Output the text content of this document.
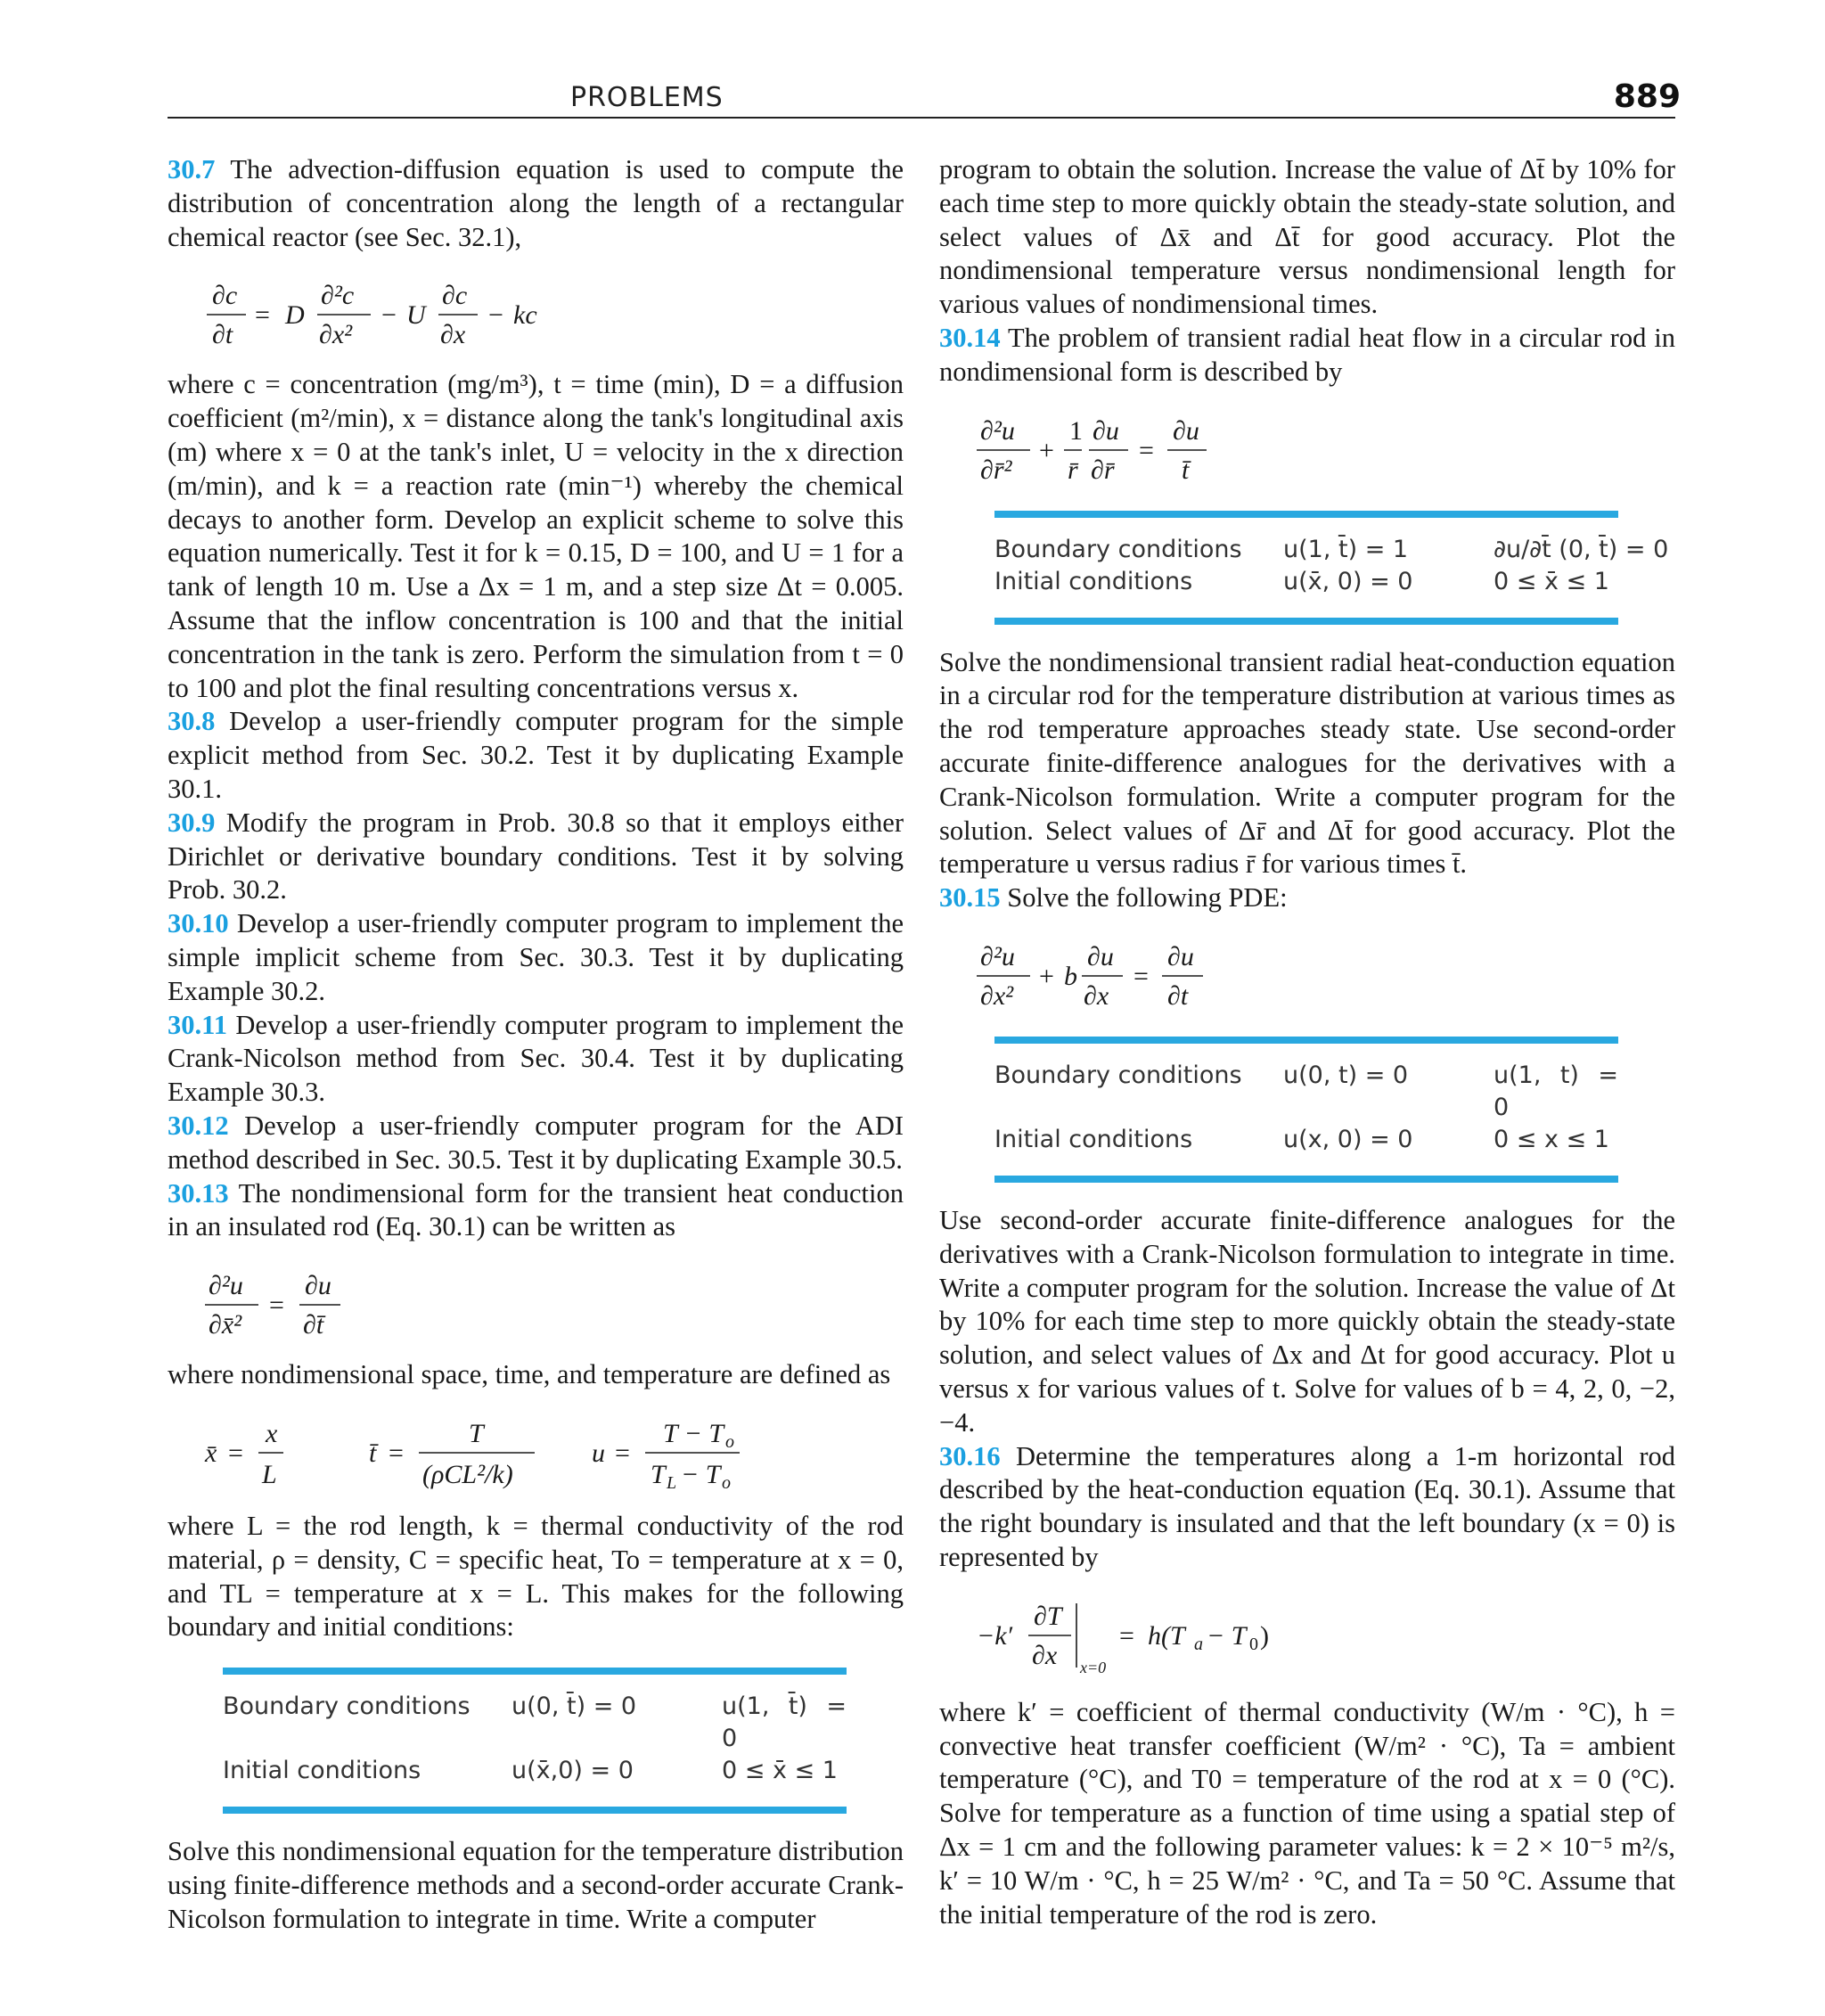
PROBLEMS	889

30.7 The advection-diffusion equation is used to compute the distribution of concentration along the length of a rectangular chemical reactor (see Sec. 32.1),

∂c
∂t
= D
∂²c
∂x²
− U
∂c
∂x
− kc

where c = concentration (mg/m³), t = time (min), D = a diffusion coefficient (m²/min), x = distance along the tank's longitudinal axis (m) where x = 0 at the tank's inlet, U = velocity in the x direction (m/min), and k = a reaction rate (min⁻¹) whereby the chemical decays to another form. Develop an explicit scheme to solve this equation numerically. Test it for k = 0.15, D = 100, and U = 1 for a tank of length 10 m. Use a Δx = 1 m, and a step size Δt = 0.005. Assume that the inflow concentration is 100 and that the initial concentration in the tank is zero. Perform the simulation from t = 0 to 100 and plot the final resulting concentrations versus x.

30.8 Develop a user-friendly computer program for the simple explicit method from Sec. 30.2. Test it by duplicating Example 30.1.

30.9 Modify the program in Prob. 30.8 so that it employs either Dirichlet or derivative boundary conditions. Test it by solving Prob. 30.2.

30.10 Develop a user-friendly computer program to implement the simple implicit scheme from Sec. 30.3. Test it by duplicating Example 30.2.

30.11 Develop a user-friendly computer program to implement the Crank-Nicolson method from Sec. 30.4. Test it by duplicating Example 30.3.

30.12 Develop a user-friendly computer program for the ADI method described in Sec. 30.5. Test it by duplicating Example 30.5.

30.13 The nondimensional form for the transient heat conduction in an insulated rod (Eq. 30.1) can be written as

∂²u
∂x̄²
=
∂u
∂t̄

where nondimensional space, time, and temperature are defined as

x̄ =
x
L
t̄ =
T
(ρCL²/k)
u =
T − T o
T L − T o

where L = the rod length, k = thermal conductivity of the rod material, ρ = density, C = specific heat, To = temperature at x = 0, and TL = temperature at x = L. This makes for the following boundary and initial conditions:

Boundary conditions	u(0, t̄) = 0	u(1, t̄) = 0
Initial conditions	u(x̄,0) = 0	0 ≤ x̄ ≤ 1

Solve this nondimensional equation for the temperature distribution using finite-difference methods and a second-order accurate Crank-Nicolson formulation to integrate in time. Write a computer

program to obtain the solution. Increase the value of Δt̄ by 10% for each time step to more quickly obtain the steady-state solution, and select values of Δx̄ and Δt̄ for good accuracy. Plot the nondimensional temperature versus nondimensional length for various values of nondimensional times.

30.14 The problem of transient radial heat flow in a circular rod in nondimensional form is described by

∂²u
∂r̄²
+
1
r̄
∂u
∂r̄
=
∂u
t̄
Boundary conditions	u(1, t̄) = 1	∂u/∂t̄ (0, t̄) = 0
Initial conditions	u(x̄, 0) = 0	0 ≤ x̄ ≤ 1

Solve the nondimensional transient radial heat-conduction equation in a circular rod for the temperature distribution at various times as the rod temperature approaches steady state. Use second-order accurate finite-difference analogues for the derivatives with a Crank-Nicolson formulation. Write a computer program for the solution. Select values of Δr̄ and Δt̄ for good accuracy. Plot the temperature u versus radius r̄ for various times t̄.

30.15 Solve the following PDE:

∂²u
∂x²
+ b
∂u
∂x
=
∂u
∂t
Boundary conditions	u(0, t) = 0	u(1, t) = 0
Initial conditions	u(x, 0) = 0	0 ≤ x ≤ 1

Use second-order accurate finite-difference analogues for the derivatives with a Crank-Nicolson formulation to integrate in time. Write a computer program for the solution. Increase the value of Δt by 10% for each time step to more quickly obtain the steady-state solution, and select values of Δx and Δt for good accuracy. Plot u versus x for various values of t. Solve for values of b = 4, 2, 0, −2, −4.

30.16 Determine the temperatures along a 1-m horizontal rod described by the heat-conduction equation (Eq. 30.1). Assume that the right boundary is insulated and that the left boundary (x = 0) is represented by

−k′
∂T
∂x x=0
= h(T a − T 0 )

where k′ = coefficient of thermal conductivity (W/m · °C), h = convective heat transfer coefficient (W/m² · °C), Ta = ambient temperature (°C), and T0 = temperature of the rod at x = 0 (°C). Solve for temperature as a function of time using a spatial step of Δx = 1 cm and the following parameter values: k = 2 × 10⁻⁵ m²/s, k′ = 10 W/m · °C, h = 25 W/m² · °C, and Ta = 50 °C. Assume that the initial temperature of the rod is zero.
